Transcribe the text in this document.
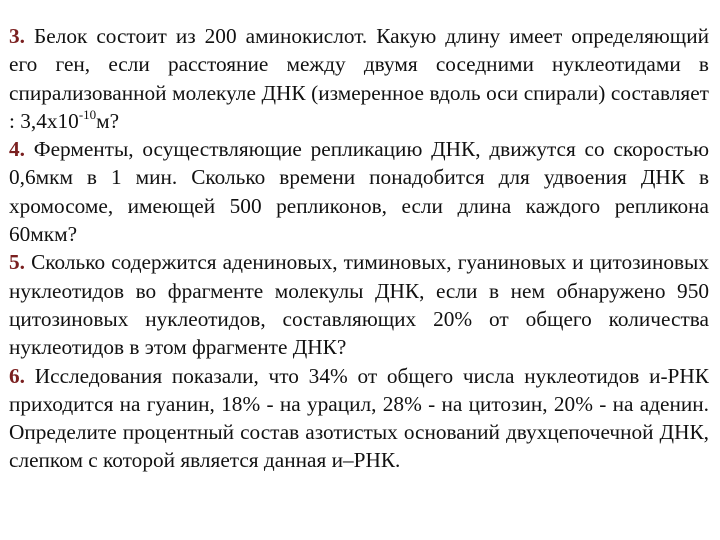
3. Белок состоит из 200 аминокислот. Какую длину имеет определяющий его ген, если расстояние между двумя соседними нуклеотидами в спирализованной молекуле ДНК (измеренное вдоль оси спирали) составляет : $3,4х10^{-10}м$?

4. Ферменты, осуществляющие репликацию ДНК, движутся со скоростью 0,6мкм в 1 мин. Сколько времени понадобится для удвоения ДНК в хромосоме, имеющей 500 репликонов, если длина каждого репликона 60мкм?

5. Сколько содержится адениновых, тиминовых, гуаниновых и цитозиновых нуклеотидов во фрагменте молекулы ДНК, если в нем обнаружено 950 цитозиновых нуклеотидов, составляющих 20% от общего количества нуклеотидов в этом фрагменте ДНК?

6. Исследования показали, что 34% от общего числа нуклеотидов и-РНК приходится на гуанин, 18% - на урацил, 28% - на цитозин, 20% - на аденин. Определите процентный состав азотистых оснований двухцепочечной ДНК, слепком с которой является данная и–РНК.
